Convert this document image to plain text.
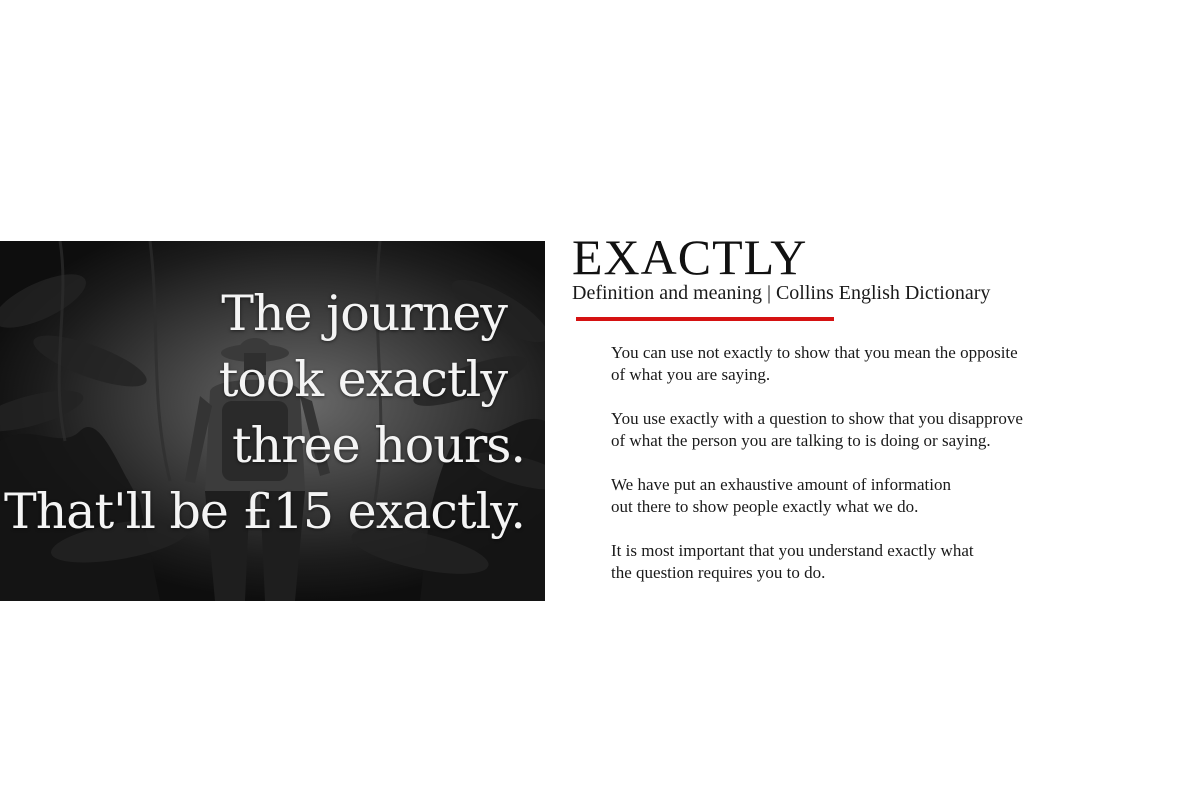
The journey
took exactly
three hours.
That'll be £15 exactly.

EXACTLY

Definition and meaning | Collins English Dictionary

You can use not exactly to show that you mean the opposite
of what you are saying.
You use exactly with a question to show that you disapprove
of what the person you are talking to is doing or saying.
We have put an exhaustive amount of information
out there to show people exactly what we do.
It is most important that you understand exactly what
the question requires you to do.
